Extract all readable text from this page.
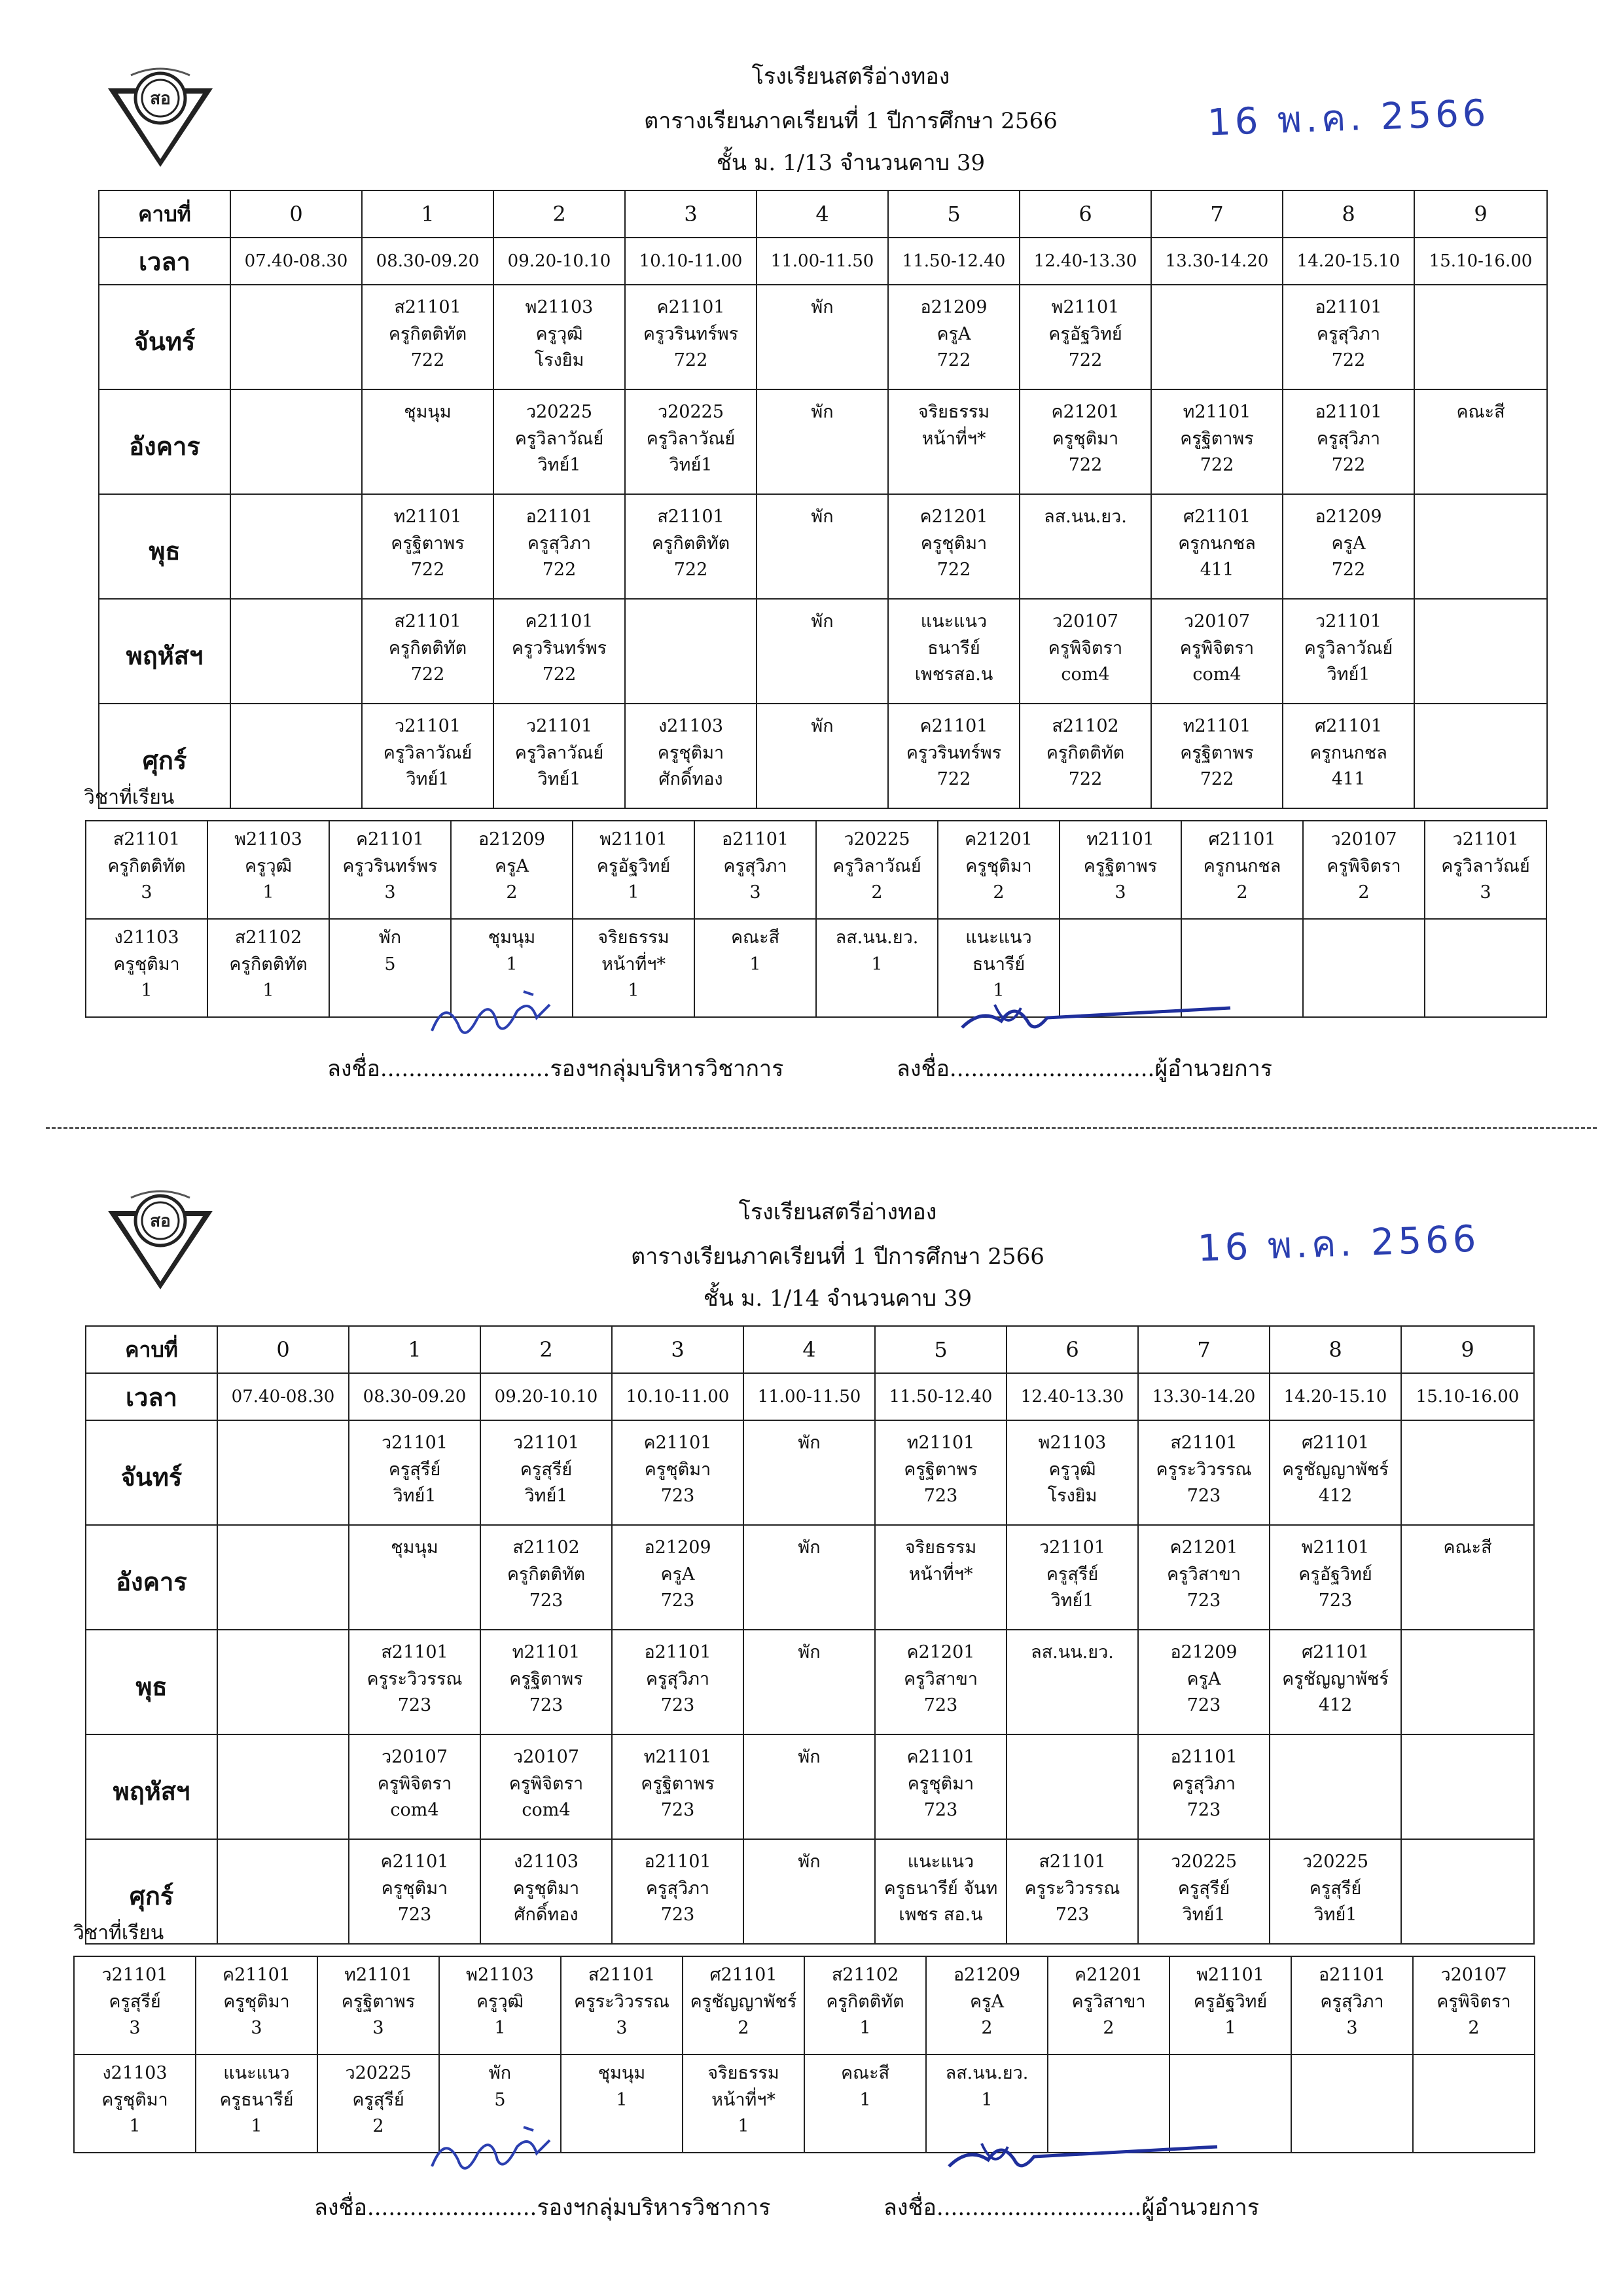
สอ
โรงเรียนสตรีอ่างทอง
ตารางเรียนภาคเรียนที่ 1 ปีการศึกษา 2566
ชั้น ม. 1/13 จำนวนคาบ 39
16 พ.ค. 2566
คาบที่	0	1	2	3	4	5	6	7	8	9

เวลา	07.40-08.30	08.30-09.20	09.20-10.10	10.10-11.00	11.00-11.50	11.50-12.40	12.40-13.30	13.30-14.20	14.20-15.10	15.10-16.00

จันทร์		ส21101
ครูกิตติทัต
722	พ21103
ครูวุฒิ
โรงยิม	ค21101
ครูวรินทร์พร
722	พัก	อ21209
ครูA
722	พ21101
ครูอัฐวิทย์
722		อ21101
ครูสุวิภา
722	

อังคาร		ชุมนุม	ว20225
ครูวิลาวัณย์
วิทย์1	ว20225
ครูวิลาวัณย์
วิทย์1	พัก	จริยธรรม
หน้าที่ฯ*	ค21201
ครูชุติมา
722	ท21101
ครูฐิตาพร
722	อ21101
ครูสุวิภา
722	คณะสี

พุธ		ท21101
ครูฐิตาพร
722	อ21101
ครูสุวิภา
722	ส21101
ครูกิตติทัต
722	พัก	ค21201
ครูชุติมา
722	ลส.นน.ยว.	ศ21101
ครูกนกชล
411	อ21209
ครูA
722	

พฤหัสฯ		ส21101
ครูกิตติทัต
722	ค21101
ครูวรินทร์พร
722		พัก	แนะแนว
ธนารีย์
เพชรสอ.น	ว20107
ครูพิจิตรา
com4	ว20107
ครูพิจิตรา
com4	ว21101
ครูวิลาวัณย์
วิทย์1	

ศุกร์		ว21101
ครูวิลาวัณย์
วิทย์1	ว21101
ครูวิลาวัณย์
วิทย์1	ง21103
ครูชุติมา
ศักดิ์ทอง	พัก	ค21101
ครูวรินทร์พร
722	ส21102
ครูกิตติทัต
722	ท21101
ครูฐิตาพร
722	ศ21101
ครูกนกชล
411	

วิชาที่เรียน
ส21101
ครูกิตติทัต
3	พ21103
ครูวุฒิ
1	ค21101
ครูวรินทร์พร
3	อ21209
ครูA
2	พ21101
ครูอัฐวิทย์
1	อ21101
ครูสุวิภา
3	ว20225
ครูวิลาวัณย์
2	ค21201
ครูชุติมา
2	ท21101
ครูฐิตาพร
3	ศ21101
ครูกนกชล
2	ว20107
ครูพิจิตรา
2	ว21101
ครูวิลาวัณย์
3

ง21103
ครูชุติมา
1	ส21102
ครูกิตติทัต
1	พัก
5	ชุมนุม
1	จริยธรรม
หน้าที่ฯ*
1	คณะสี
1	ลส.นน.ยว.
1	แนะแนว
ธนารีย์
1				

ลงชื่อ........................รองฯกลุ่มบริหารวิชาการ	ลงชื่อ.............................ผู้อำนวยการ
สอ	โรงเรียนสตรีอ่างทอง
ตารางเรียนภาคเรียนที่ 1 ปีการศึกษา 2566
ชั้น ม. 1/14 จำนวนคาบ 39
16 พ.ค. 2566
คาบที่	0	1	2	3	4	5	6	7	8	9

เวลา	07.40-08.30	08.30-09.20	09.20-10.10	10.10-11.00	11.00-11.50	11.50-12.40	12.40-13.30	13.30-14.20	14.20-15.10	15.10-16.00

จันทร์		ว21101
ครูสุรีย์
วิทย์1	ว21101
ครูสุรีย์
วิทย์1	ค21101
ครูชุติมา
723	พัก	ท21101
ครูฐิตาพร
723	พ21103
ครูวุฒิ
โรงยิม	ส21101
ครูระวิวรรณ
723	ศ21101
ครูชัญญาพัชร์
412	

อังคาร		ชุมนุม	ส21102
ครูกิตติทัต
723	อ21209
ครูA
723	พัก	จริยธรรม
หน้าที่ฯ*	ว21101
ครูสุรีย์
วิทย์1	ค21201
ครูวิสาขา
723	พ21101
ครูอัฐวิทย์
723	คณะสี

พุธ		ส21101
ครูระวิวรรณ
723	ท21101
ครูฐิตาพร
723	อ21101
ครูสุวิภา
723	พัก	ค21201
ครูวิสาขา
723	ลส.นน.ยว.	อ21209
ครูA
723	ศ21101
ครูชัญญาพัชร์
412	

พฤหัสฯ		ว20107
ครูพิจิตรา
com4	ว20107
ครูพิจิตรา
com4	ท21101
ครูฐิตาพร
723	พัก	ค21101
ครูชุติมา
723		อ21101
ครูสุวิภา
723		

ศุกร์		ค21101
ครูชุติมา
723	ง21103
ครูชุติมา
ศักดิ์ทอง	อ21101
ครูสุวิภา
723	พัก	แนะแนว
ครูธนารีย์ จันท
เพชร สอ.น	ส21101
ครูระวิวรรณ
723	ว20225
ครูสุรีย์
วิทย์1	ว20225
ครูสุรีย์
วิทย์1	

วิชาที่เรียน
ว21101
ครูสุรีย์
3	ค21101
ครูชุติมา
3	ท21101
ครูฐิตาพร
3	พ21103
ครูวุฒิ
1	ส21101
ครูระวิวรรณ
3	ศ21101
ครูชัญญาพัชร์
2	ส21102
ครูกิตติทัต
1	อ21209
ครูA
2	ค21201
ครูวิสาขา
2	พ21101
ครูอัฐวิทย์
1	อ21101
ครูสุวิภา
3	ว20107
ครูพิจิตรา
2

ง21103
ครูชุติมา
1	แนะแนว
ครูธนารีย์
1	ว20225
ครูสุรีย์
2	พัก
5	ชุมนุม
1	จริยธรรม
หน้าที่ฯ*
1	คณะสี
1	ลส.นน.ยว.
1				

ลงชื่อ........................รองฯกลุ่มบริหารวิชาการ	ลงชื่อ.............................ผู้อำนวยการ
